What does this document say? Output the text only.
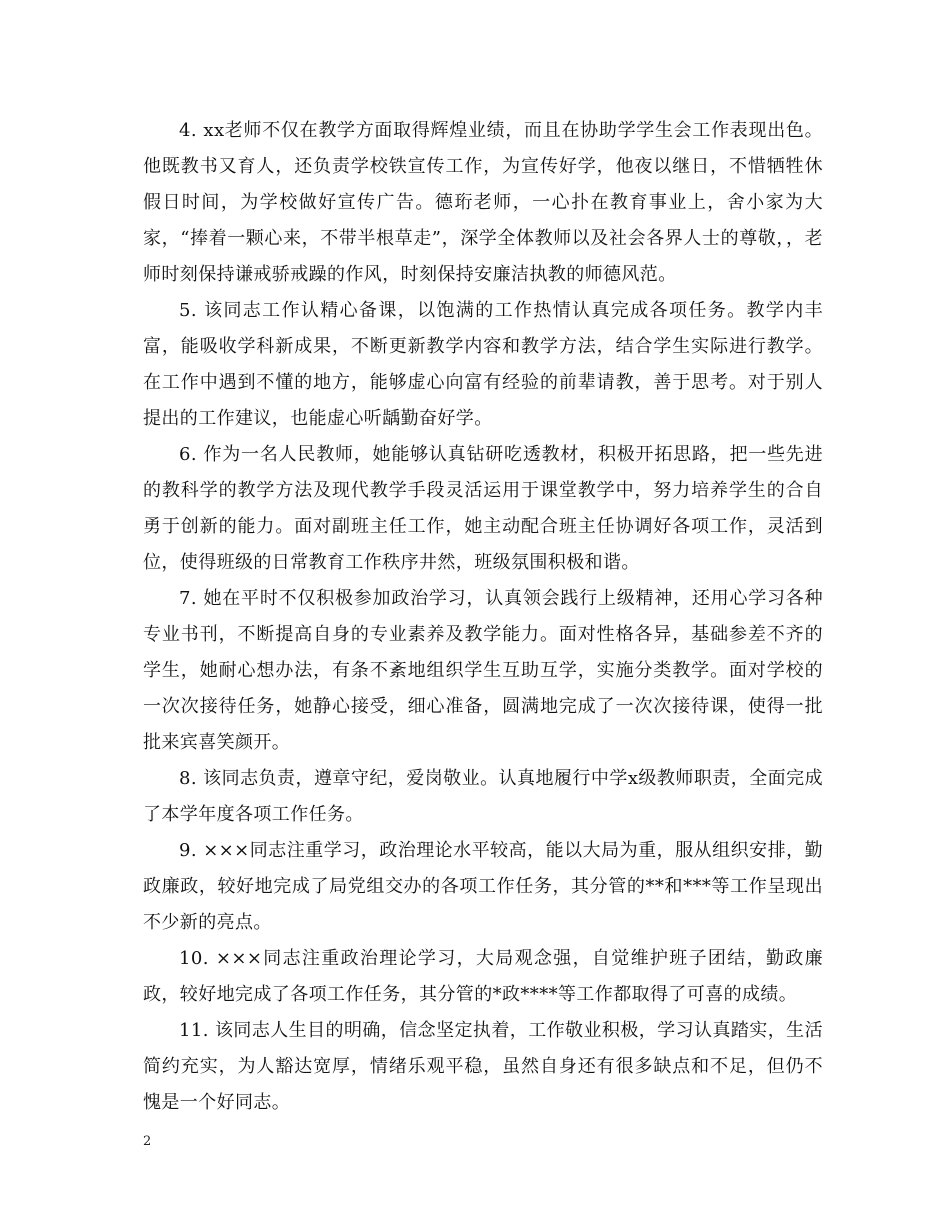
4. xx老师不仅在教学方面取得辉煌业绩，而且在协助学学生会工作表现出色。他既教书又育人，还负责学校铁宣传工作，为宣传好学，他夜以继日，不惜牺牲休假日时间，为学校做好宣传广告。德珩老师，一心扑在教育事业上，舍小家为大家，“捧着一颗心来，不带半根草走”，深学全体教师以及社会各界人士的尊敬，，老师时刻保持谦戒骄戒躁的作风，时刻保持安廉洁执教的师德风范。

5. 该同志工作认精心备课，以饱满的工作热情认真完成各项任务。教学内丰富，能吸收学科新成果，不断更新教学内容和教学方法，结合学生实际进行教学。在工作中遇到不懂的地方，能够虚心向富有经验的前辈请教，善于思考。对于别人提出的工作建议，也能虚心听龋勤奋好学。

6. 作为一名人民教师，她能够认真钻研吃透教材，积极开拓思路，把一些先进的教科学的教学方法及现代教学手段灵活运用于课堂教学中，努力培养学生的合自勇于创新的能力。面对副班主任工作，她主动配合班主任协调好各项工作，灵活到位，使得班级的日常教育工作秩序井然，班级氛围积极和谐。

7. 她在平时不仅积极参加政治学习，认真领会践行上级精神，还用心学习各种专业书刊，不断提高自身的专业素养及教学能力。面对性格各异，基础参差不齐的学生，她耐心想办法，有条不紊地组织学生互助互学，实施分类教学。面对学校的一次次接待任务，她静心接受，细心准备，圆满地完成了一次次接待课，使得一批批来宾喜笑颜开。

8. 该同志负责，遵章守纪，爱岗敬业。认真地履行中学x级教师职责，全面完成了本学年度各项工作任务。

9. ×××同志注重学习，政治理论水平较高，能以大局为重，服从组织安排，勤政廉政，较好地完成了局党组交办的各项工作任务，其分管的**和***等工作呈现出不少新的亮点。

10. ×××同志注重政治理论学习，大局观念强，自觉维护班子团结，勤政廉政，较好地完成了各项工作任务，其分管的*政****等工作都取得了可喜的成绩。

11. 该同志人生目的明确，信念坚定执着，工作敬业积极，学习认真踏实，生活简约充实，为人豁达宽厚，情绪乐观平稳，虽然自身还有很多缺点和不足，但仍不愧是一个好同志。

2
